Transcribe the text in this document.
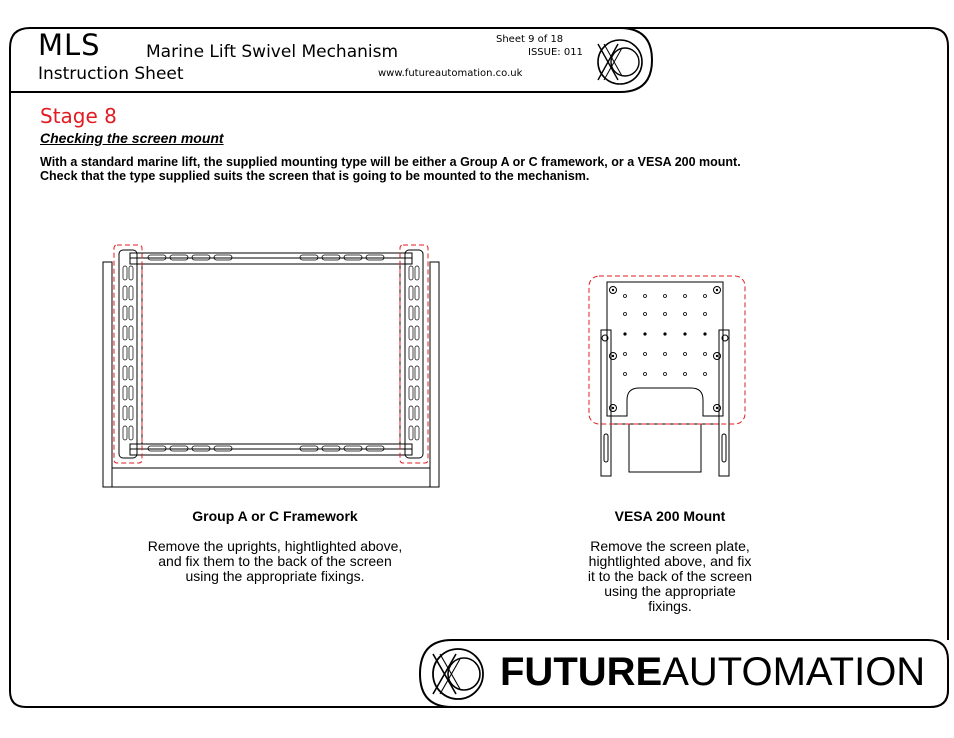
MLS	Marine Lift Swivel Mechanism
Instruction Sheet
Sheet 9 of 18
ISSUE: 011
www.futureautomation.co.uk
Stage 8
Checking the screen mount
With a standard marine lift, the supplied mounting type will be either a Group A or C framework, or a VESA 200 mount.
Check that the type supplied suits the screen that is going to be mounted to the mechanism.
Group A or C Framework
Remove the uprights, hightlighted above,
and fix them to the back of the screen
using the appropriate fixings.
VESA 200 Mount
Remove the screen plate,
hightlighted above, and fix
it to the back of the screen
using the appropriate
fixings.
FUTUREAUTOMATION
